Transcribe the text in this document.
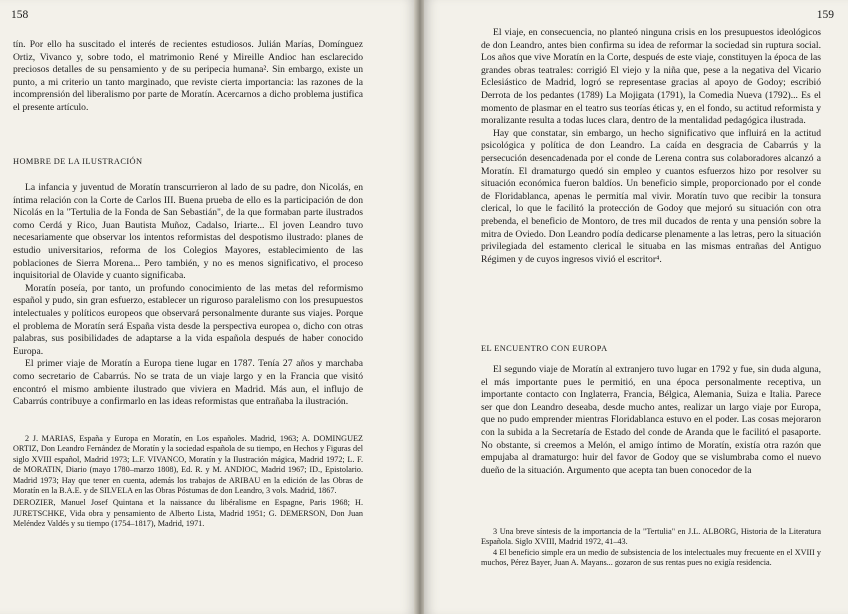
158

tín. Por ello ha suscitado el interés de recientes estudiosos. Julián Marías, Domínguez Ortiz, Vivanco y, sobre todo, el matrimonio René y Mireille Andioc han esclarecido preciosos detalles de su pensamiento y de su peripecia humana². Sin embargo, existe un punto, a mi criterio un tanto marginado, que reviste cierta importancia: las razones de la incomprensión del liberalismo por parte de Moratín. Acercarnos a dicho problema justifica el presente artículo.

HOMBRE DE LA ILUSTRACIÓN

La infancia y juventud de Moratín transcurrieron al lado de su padre, don Nicolás, en íntima relación con la Corte de Carlos III. Buena prueba de ello es la participación de don Nicolás en la "Tertulia de la Fonda de San Sebastián", de la que formaban parte ilustrados como Cerdá y Rico, Juan Bautista Muñoz, Cadalso, Iriarte... El joven Leandro tuvo necesariamente que observar los intentos reformistas del despotismo ilustrado: planes de estudio universitarios, reforma de los Colegios Mayores, establecimiento de las poblaciones de Sierra Morena... Pero también, y no es menos significativo, el proceso inquisitorial de Olavide y cuanto significaba.

Moratín poseía, por tanto, un profundo conocimiento de las metas del reformismo español y pudo, sin gran esfuerzo, establecer un riguroso paralelismo con los presupuestos intelectuales y políticos europeos que observará personalmente durante sus viajes. Porque el problema de Moratín será España vista desde la perspectiva europea o, dicho con otras palabras, sus posibilidades de adaptarse a la vida española después de haber conocido Europa.

El primer viaje de Moratín a Europa tiene lugar en 1787. Tenía 27 años y marchaba como secretario de Cabarrús. No se trata de un viaje largo y en la Francia que visitó encontró el mismo ambiente ilustrado que viviera en Madrid. Más aun, el influjo de Cabarrús contribuye a confirmarlo en las ideas reformistas que entrañaba la ilustración.

2 J. MARIAS, España y Europa en Moratín, en Los españoles. Madrid, 1963; A. DOMINGUEZ ORTIZ, Don Leandro Fernández de Moratín y la sociedad española de su tiempo, en Hechos y Figuras del siglo XVIII español, Madrid 1973; L.F. VIVANCO, Moratín y la Ilustración mágica, Madrid 1972; L. F. de MORATIN, Diario (mayo 1780–marzo 1808), Ed. R. y M. ANDIOC, Madrid 1967; ID., Epistolario. Madrid 1973; Hay que tener en cuenta, además los trabajos de ARIBAU en la edición de las Obras de Moratín en la B.A.E. y de SILVELA en las Obras Póstumas de don Leandro, 3 vols. Madrid, 1867.

DEROZIER, Manuel Josef Quintana et la naissance du libéralisme en Espagne, Paris 1968; H. JURETSCHKE, Vida obra y pensamiento de Alberto Lista, Madrid 1951; G. DEMERSON, Don Juan Meléndez Valdés y su tiempo (1754–1817), Madrid, 1971.

159

El viaje, en consecuencia, no planteó ninguna crisis en los presupuestos ideológicos de don Leandro, antes bien confirma su idea de reformar la sociedad sin ruptura social. Los años que vive Moratín en la Corte, después de este viaje, constituyen la época de las grandes obras teatrales: corrigió El viejo y la niña que, pese a la negativa del Vicario Eclesiástico de Madrid, logró se representase gracias al apoyo de Godoy; escribió Derrota de los pedantes (1789) La Mojigata (1791), la Comedia Nueva (1792)... Es el momento de plasmar en el teatro sus teorías éticas y, en el fondo, su actitud reformista y moralizante resulta a todas luces clara, dentro de la mentalidad pedagógica ilustrada.

Hay que constatar, sin embargo, un hecho significativo que influirá en la actitud psicológica y política de don Leandro. La caída en desgracia de Cabarrús y la persecución desencadenada por el conde de Lerena contra sus colaboradores alcanzó a Moratín. El dramaturgo quedó sin empleo y cuantos esfuerzos hizo por resolver su situación económica fueron baldíos. Un beneficio simple, proporcionado por el conde de Floridablanca, apenas le permitía mal vivir. Moratín tuvo que recibir la tonsura clerical, lo que le facilitó la protección de Godoy que mejoró su situación con otra prebenda, el beneficio de Montoro, de tres mil ducados de renta y una pensión sobre la mitra de Oviedo. Don Leandro podía dedicarse plenamente a las letras, pero la situación privilegiada del estamento clerical le situaba en las mismas entrañas del Antiguo Régimen y de cuyos ingresos vivió el escritor⁴.

EL ENCUENTRO CON EUROPA

El segundo viaje de Moratín al extranjero tuvo lugar en 1792 y fue, sin duda alguna, el más importante pues le permitió, en una época personalmente receptiva, un importante contacto con Inglaterra, Francia, Bélgica, Alemania, Suiza e Italia. Parece ser que don Leandro deseaba, desde mucho antes, realizar un largo viaje por Europa, que no pudo emprender mientras Floridablanca estuvo en el poder. Las cosas mejoraron con la subida a la Secretaría de Estado del conde de Aranda que le facilitó el pasaporte. No obstante, si creemos a Melón, el amigo íntimo de Moratín, existía otra razón que empujaba al dramaturgo: huir del favor de Godoy que se vislumbraba como el nuevo dueño de la situación. Argumento que acepta tan buen conocedor de la

3 Una breve síntesis de la importancia de la "Tertulia" en J.L. ALBORG, Historia de la Literatura Española. Siglo XVIII, Madrid 1972, 41–43.

4 El beneficio simple era un medio de subsistencia de los intelectuales muy frecuente en el XVIII y muchos, Pérez Bayer, Juan A. Mayans... gozaron de sus rentas pues no exigía residencia.
